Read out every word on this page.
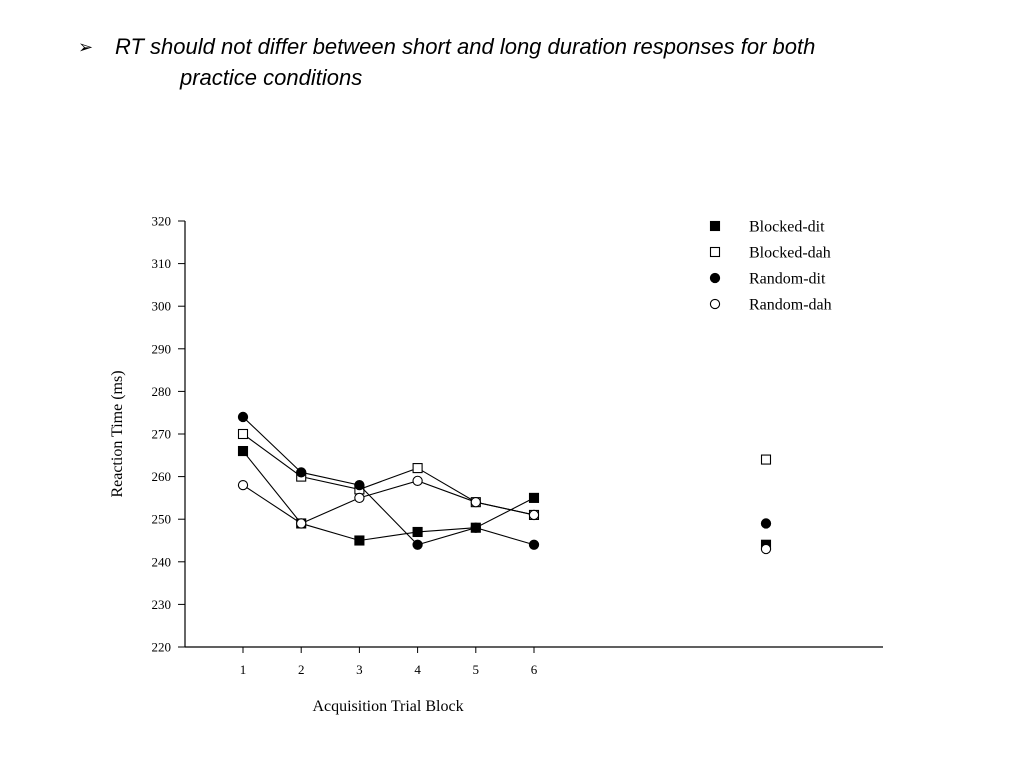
➢ RT should not differ between short and long duration responses for both
practice conditions
220
230
240
250
260
270
280
290
300
310
320
1	2	3	4	5	6
Blocked-dit
Blocked-dah
Random-dit
Random-dah
Reaction Time (ms)
Acquisition Trial Block
